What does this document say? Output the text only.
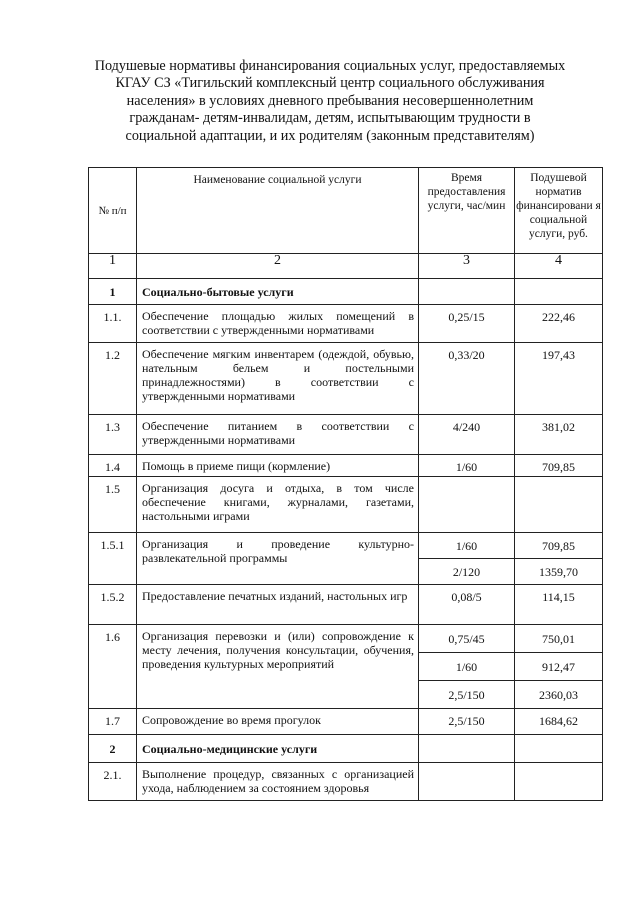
Подушевые нормативы финансирования социальных услуг, предоставляемых
КГАУ СЗ «Тигильский комплексный центр социального обслуживания
населения» в условиях дневного пребывания несовершеннолетним
гражданам- детям-инвалидам, детям, испытывающим трудности в
социальной адаптации, и их родителям (законным представителям)
№ п/п	Наименование социальной услуги	Время предоставления услуги, час/мин	Подушевой норматив финансировани я социальной услуги, руб.
1	2	3	4
1	Социально-бытовые услуги		
1.1.	Обеспечение площадью жилых помещений в соответствии с утвержденными нормативами	0,25/15	222,46
1.2	Обеспечение мягким инвентарем (одеждой, обувью, нательным бельем и постельными принадлежностями) в соответствии с утвержденными нормативами	0,33/20	197,43
1.3	Обеспечение питанием в соответствии с утвержденными нормативами	4/240	381,02
1.4	Помощь в приеме пищи (кормление)	1/60	709,85
1.5	Организация досуга и отдыха, в том числе обеспечение книгами, журналами, газетами, настольными играми		
1.5.1	Организация и проведение культурно-развлекательной программы	1/60	709,85
		2/120	1359,70
1.5.2	Предоставление печатных изданий, настольных игр	0,08/5	114,15
1.6	Организация перевозки и (или) сопровождение к месту лечения, получения консультации, обучения, проведения культурных мероприятий	0,75/45	750,01
		1/60	912,47
		2,5/150	2360,03
1.7	Сопровождение во время прогулок	2,5/150	1684,62
2	Социально-медицинские услуги		
2.1.	Выполнение процедур, связанных с организацией ухода, наблюдением за состоянием здоровья		
